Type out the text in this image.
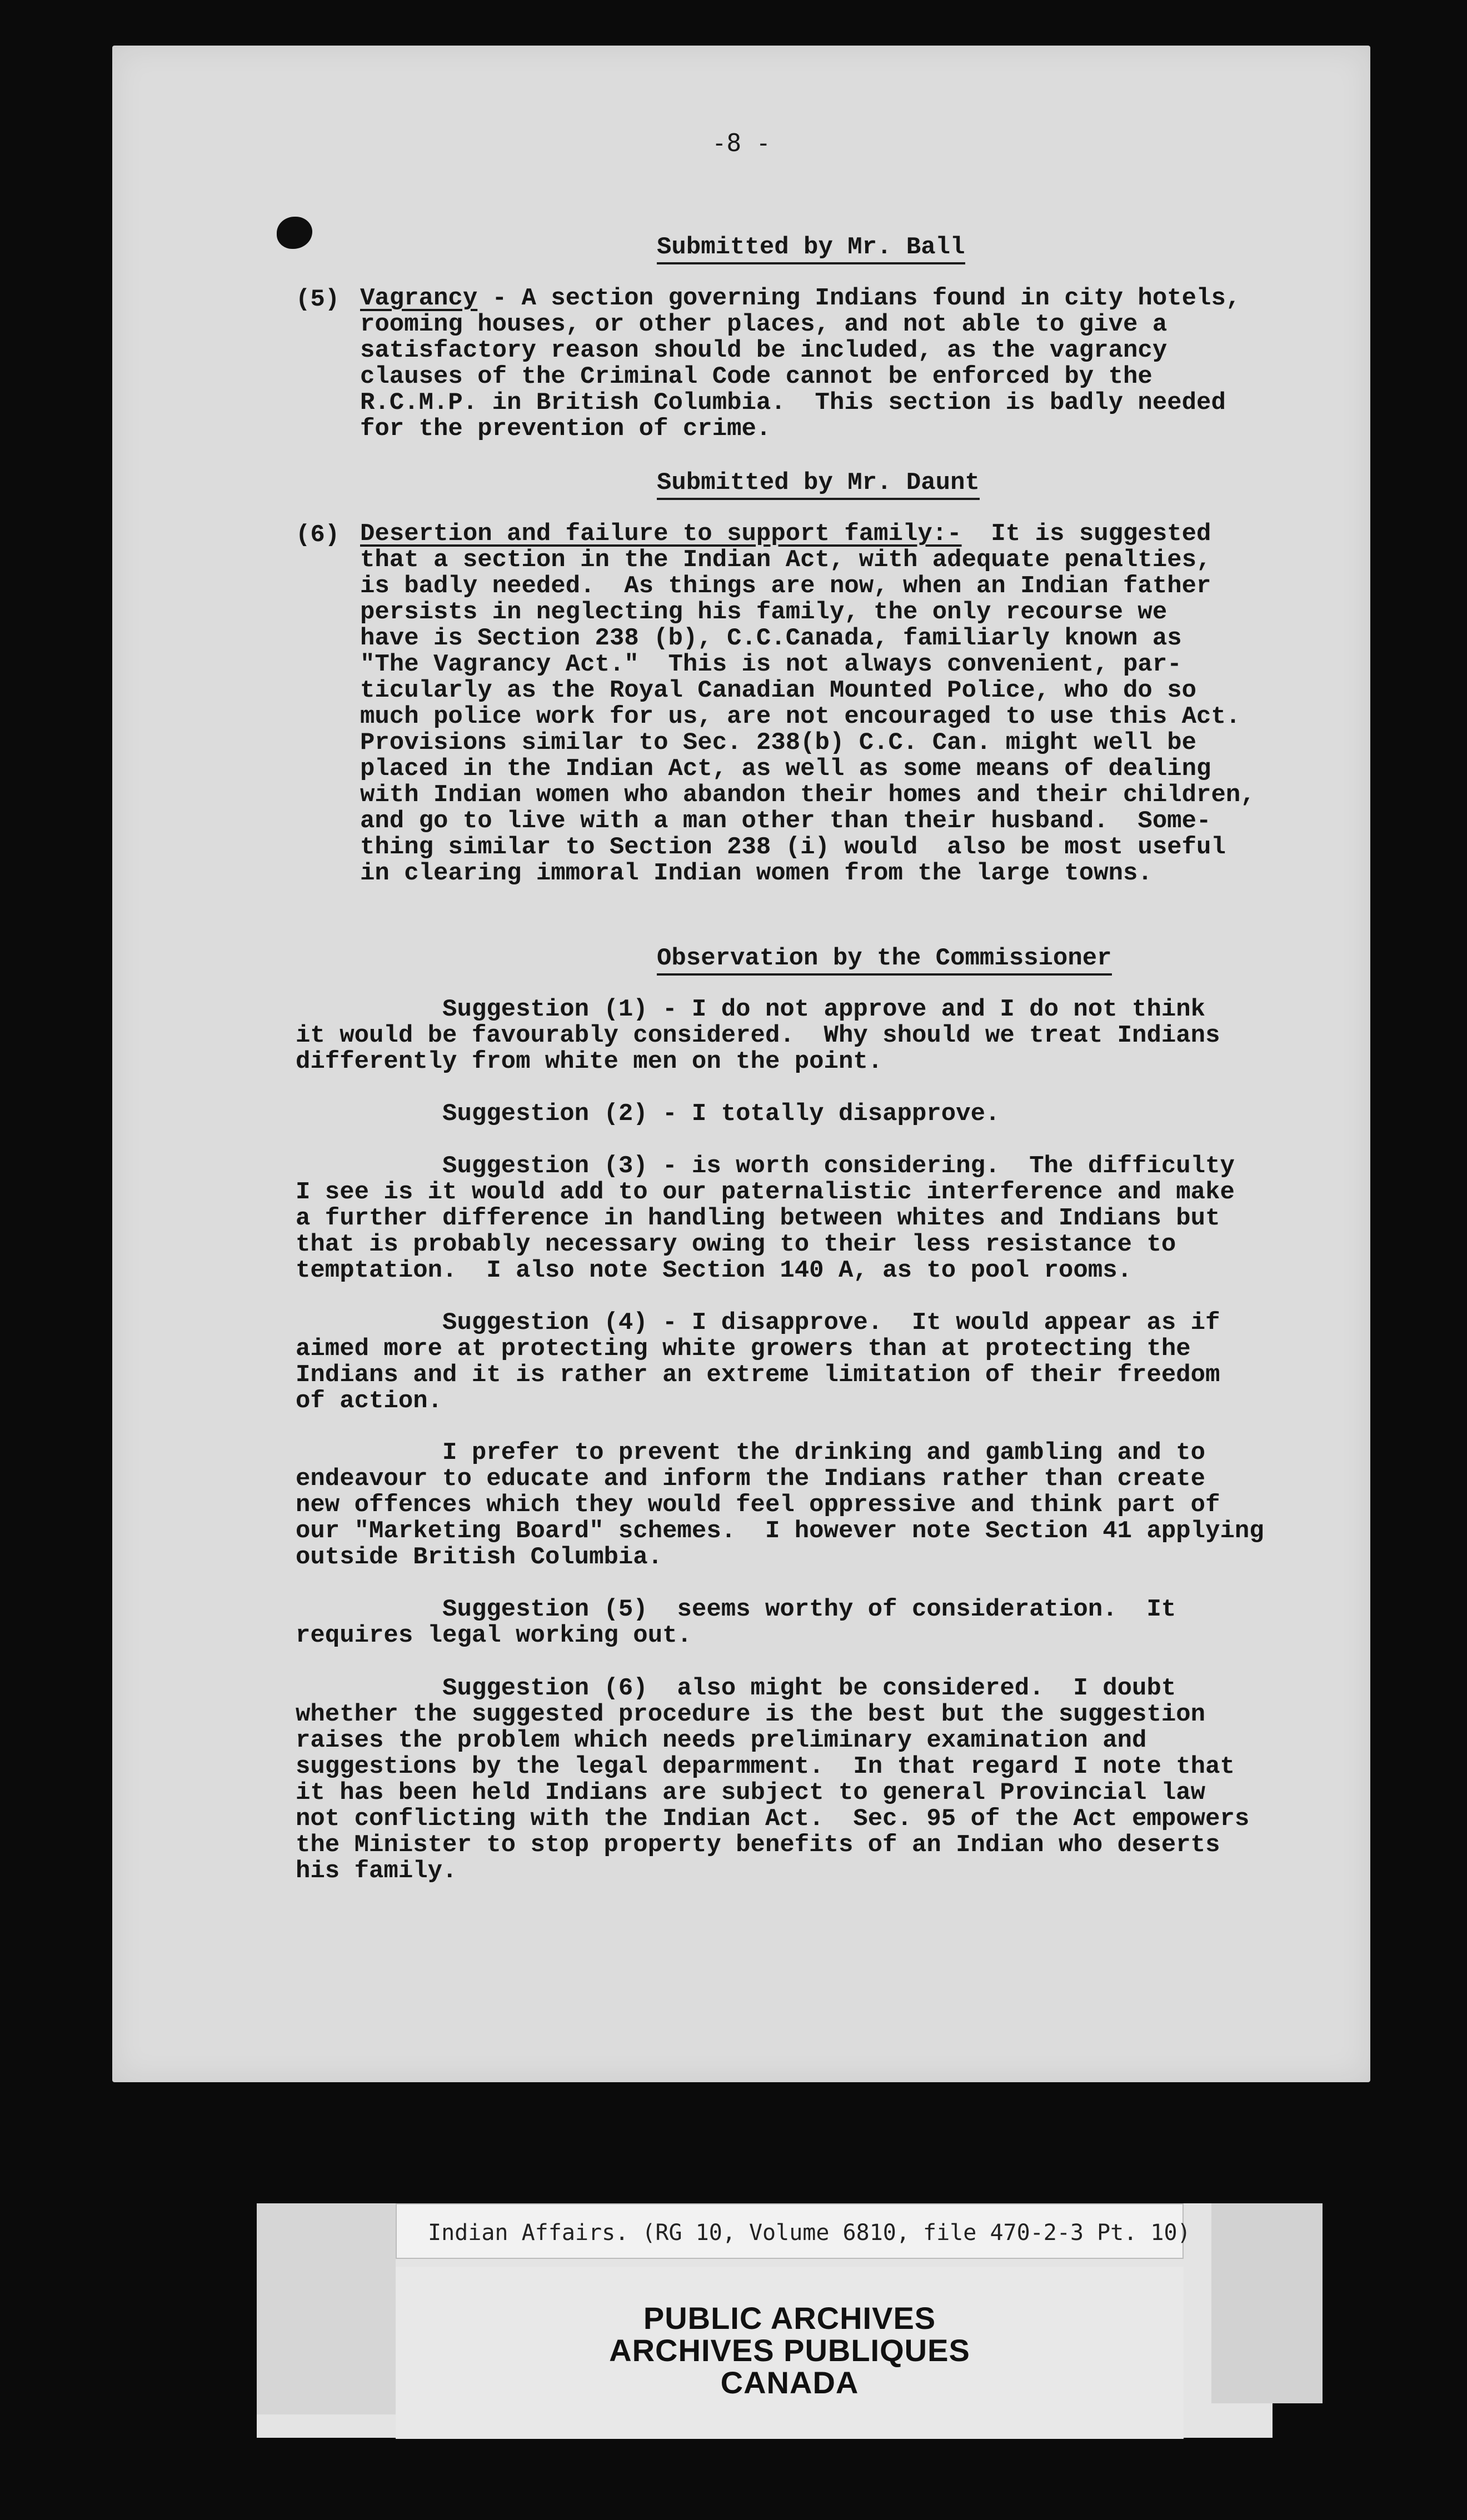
-8 -
Submitted by Mr. Ball
(5) Vagrancy - A section governing Indians found in city hotels,
rooming houses, or other places, and not able to give a
satisfactory reason should be included, as the vagrancy
clauses of the Criminal Code cannot be enforced by the
R.C.M.P. in British Columbia.  This section is badly needed
for the prevention of crime.
Submitted by Mr. Daunt
(6) Desertion and failure to support family:-  It is suggested
that a section in the Indian Act, with adequate penalties,
is badly needed.  As things are now, when an Indian father
persists in neglecting his family, the only recourse we
have is Section 238 (b), C.C.Canada, familiarly known as
"The Vagrancy Act."  This is not always convenient, par-
ticularly as the Royal Canadian Mounted Police, who do so
much police work for us, are not encouraged to use this Act.
Provisions similar to Sec. 238(b) C.C. Can. might well be
placed in the Indian Act, as well as some means of dealing
with Indian women who abandon their homes and their children,
and go to live with a man other than their husband.  Some-
thing similar to Section 238 (i) would  also be most useful
in clearing immoral Indian women from the large towns.
Observation by the Commissioner
Suggestion (1) - I do not approve and I do not think
it would be favourably considered.  Why should we treat Indians
differently from white men on the point.
Suggestion (2) - I totally disapprove.
Suggestion (3) - is worth considering.  The difficulty
I see is it would add to our paternalistic interference and make
a further difference in handling between whites and Indians but
that is probably necessary owing to their less resistance to
temptation.  I also note Section 140 A, as to pool rooms.
Suggestion (4) - I disapprove.  It would appear as if
aimed more at protecting white growers than at protecting the
Indians and it is rather an extreme limitation of their freedom
of action.
I prefer to prevent the drinking and gambling and to
endeavour to educate and inform the Indians rather than create
new offences which they would feel oppressive and think part of
our "Marketing Board" schemes.  I however note Section 41 applying
outside British Columbia.
Suggestion (5)  seems worthy of consideration.  It
requires legal working out.
Suggestion (6)  also might be considered.  I doubt
whether the suggested procedure is the best but the suggestion
raises the problem which needs preliminary examination and
suggestions by the legal deparmment.  In that regard I note that
it has been held Indians are subject to general Provincial law
not conflicting with the Indian Act.  Sec. 95 of the Act empowers
the Minister to stop property benefits of an Indian who deserts
his family.
Indian Affairs. (RG 10, Volume 6810, file 470-2-3 Pt. 10)
PUBLIC ARCHIVES
ARCHIVES PUBLIQUES
CANADA
